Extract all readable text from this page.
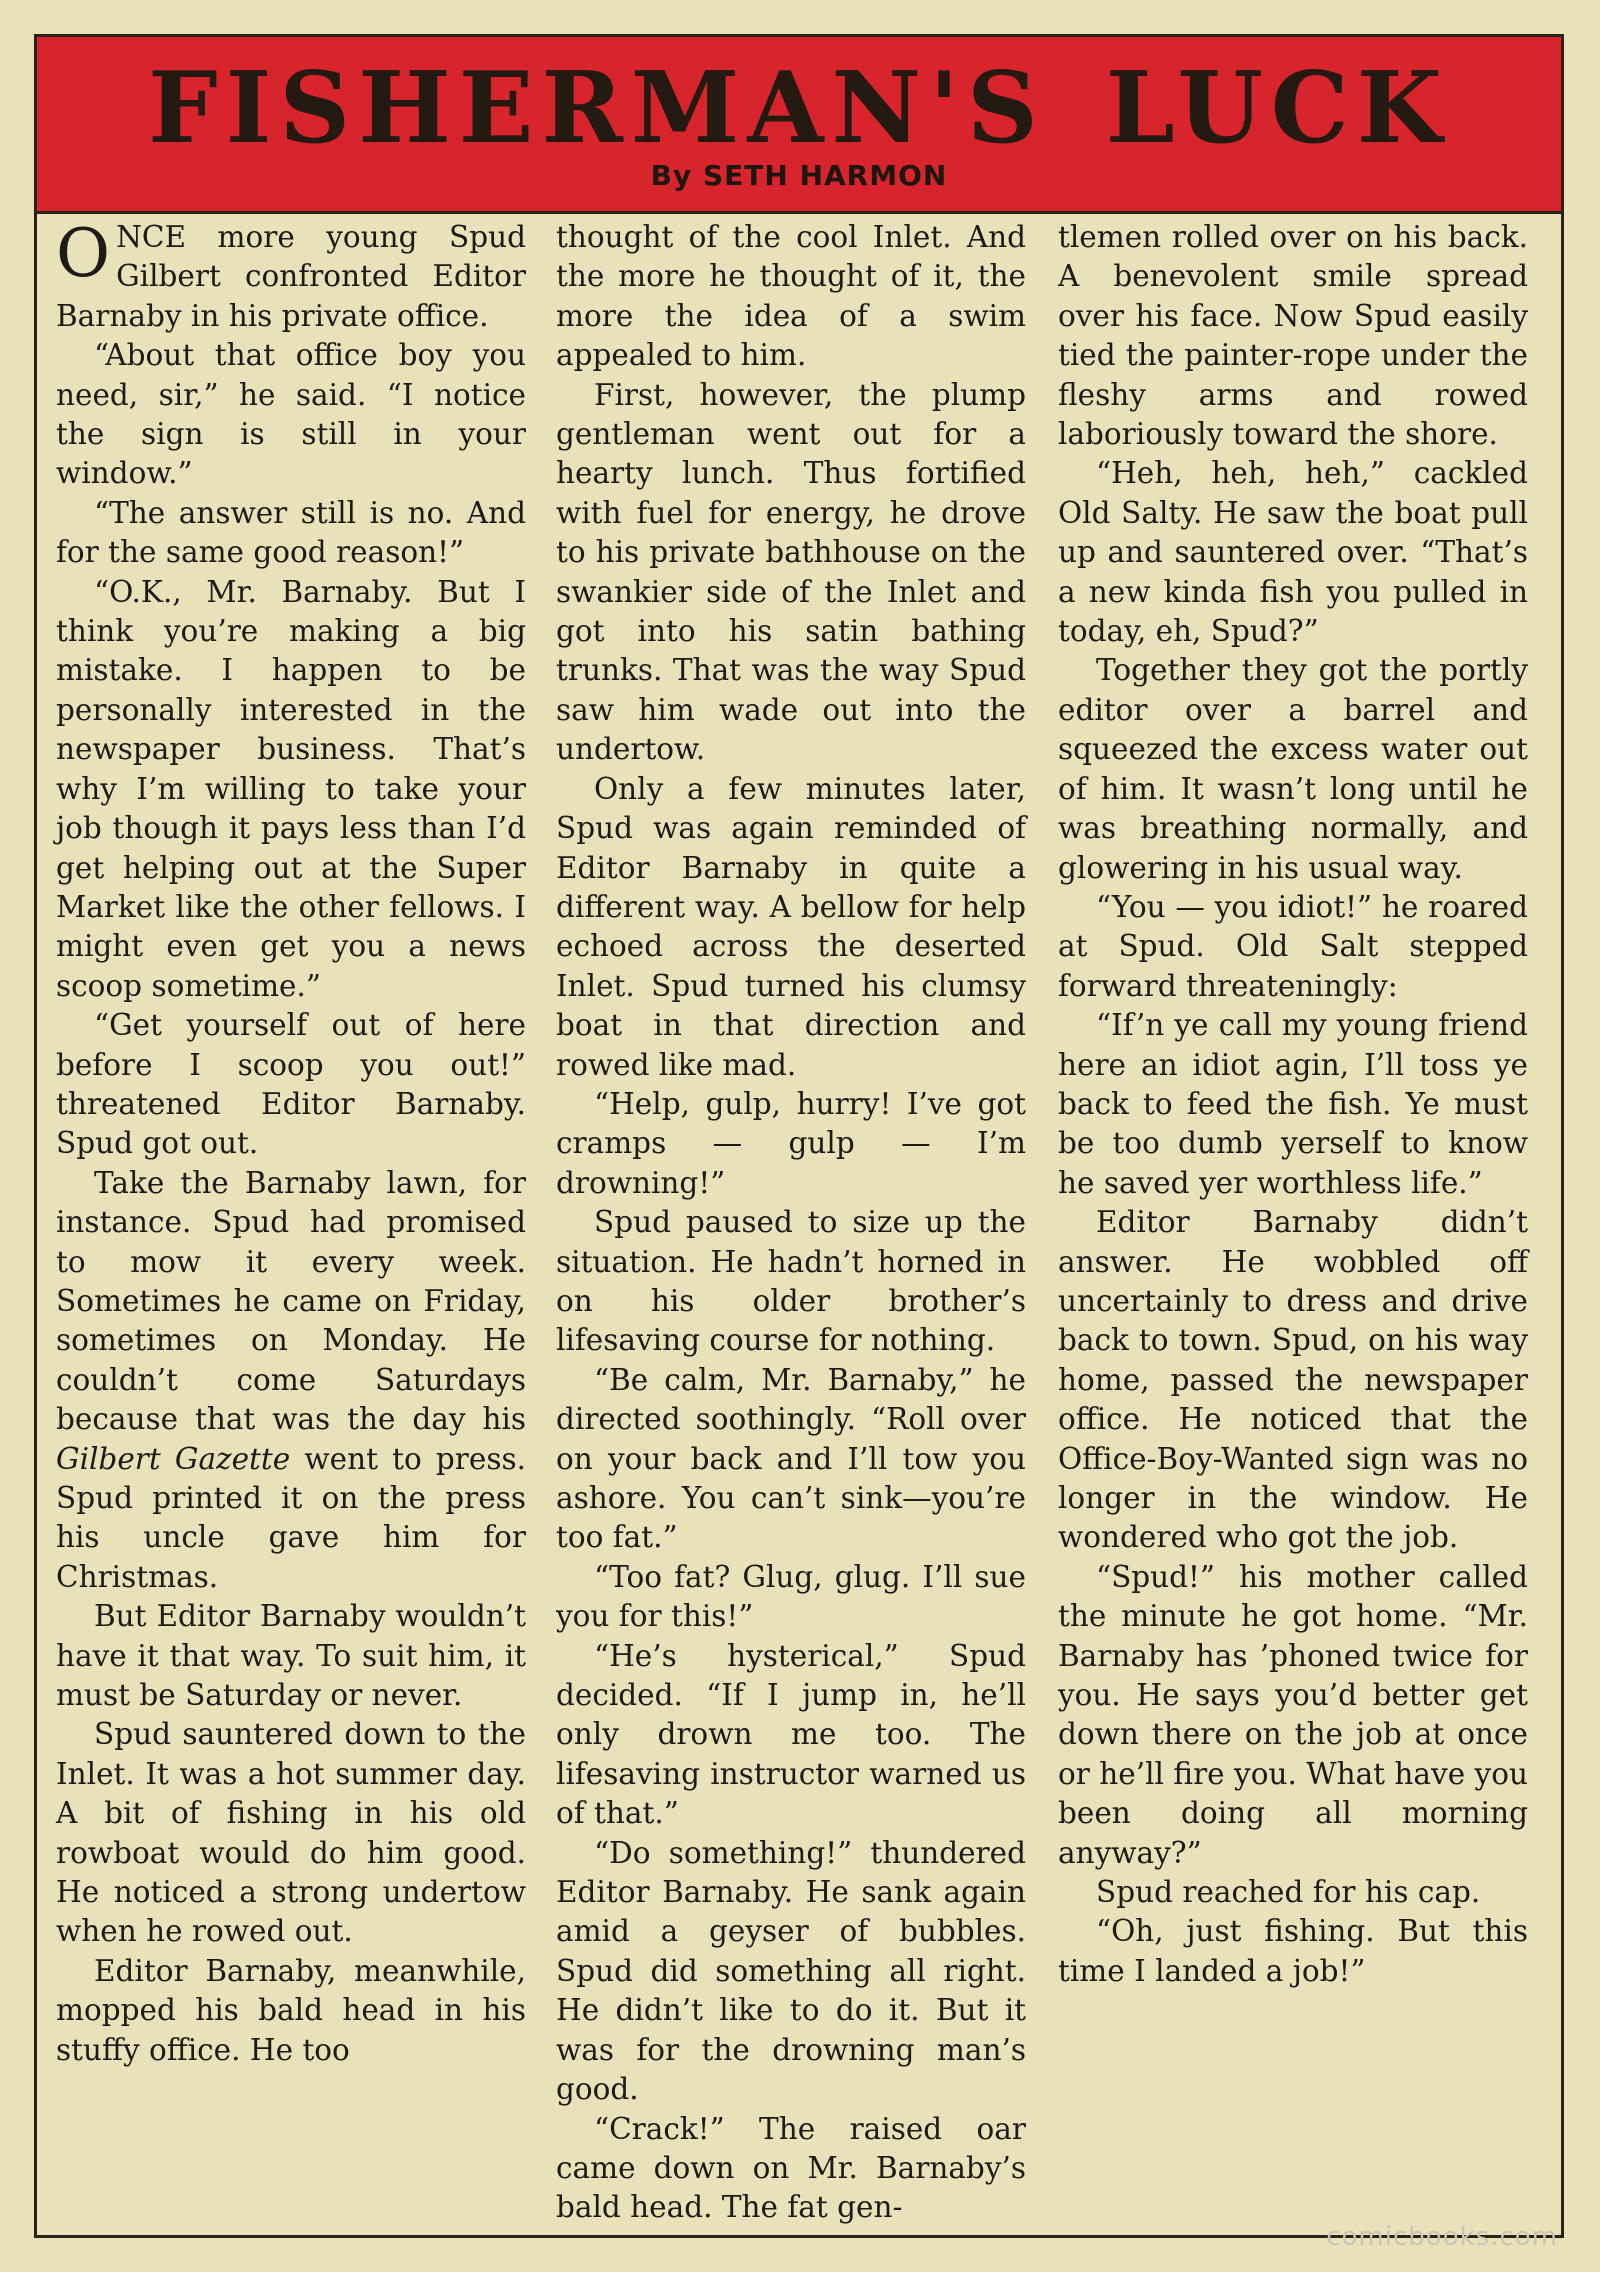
FISHERMAN'S LUCK
By SETH HARMON

ONCE more young Spud Gilbert confronted Editor Barnaby in his private office.

“About that office boy you need, sir,” he said. “I notice the sign is still in your window.”

“The answer still is no. And for the same good reason!”

“O.K., Mr. Barnaby. But I think you’re making a big mistake. I happen to be personally interested in the newspaper business. That’s why I’m willing to take your job though it pays less than I’d get helping out at the Super Market like the other fellows. I might even get you a news scoop sometime.”

“Get yourself out of here before I scoop you out!” threatened Editor Barnaby. Spud got out.

Take the Barnaby lawn, for instance. Spud had promised to mow it every week. Sometimes he came on Friday, sometimes on Monday. He couldn’t come Saturdays because that was the day his Gilbert Gazette went to press. Spud printed it on the press his uncle gave him for Christmas.

But Editor Barnaby wouldn’t have it that way. To suit him, it must be Saturday or never.

Spud sauntered down to the Inlet. It was a hot summer day. A bit of fishing in his old rowboat would do him good. He noticed a strong undertow when he rowed out.

Editor Barnaby, meanwhile, mopped his bald head in his stuffy office. He too

thought of the cool Inlet. And the more he thought of it, the more the idea of a swim appealed to him.

First, however, the plump gentleman went out for a hearty lunch. Thus fortified with fuel for energy, he drove to his private bathhouse on the swankier side of the Inlet and got into his satin bathing trunks. That was the way Spud saw him wade out into the undertow.

Only a few minutes later, Spud was again reminded of Editor Barnaby in quite a different way. A bellow for help echoed across the deserted Inlet. Spud turned his clumsy boat in that direction and rowed like mad.

“Help, gulp, hurry! I’ve got cramps — gulp — I’m drowning!”

Spud paused to size up the situation. He hadn’t horned in on his older brother’s lifesaving course for nothing.

“Be calm, Mr. Barnaby,” he directed soothingly. “Roll over on your back and I’ll tow you ashore. You can’t sink—you’re too fat.”

“Too fat? Glug, glug. I’ll sue you for this!”

“He’s hysterical,” Spud decided. “If I jump in, he’ll only drown me too. The lifesaving instructor warned us of that.”

“Do something!” thundered Editor Barnaby. He sank again amid a geyser of bubbles. Spud did something all right. He didn’t like to do it. But it was for the drowning man’s good.

“Crack!” The raised oar came down on Mr. Barnaby’s bald head. The fat gen-

tlemen rolled over on his back. A benevolent smile spread over his face. Now Spud easily tied the painter-rope under the fleshy arms and rowed laboriously toward the shore.

“Heh, heh, heh,” cackled Old Salty. He saw the boat pull up and sauntered over. “That’s a new kinda fish you pulled in today, eh, Spud?”

Together they got the portly editor over a barrel and squeezed the excess water out of him. It wasn’t long until he was breathing normally, and glowering in his usual way.

“You — you idiot!” he roared at Spud. Old Salt stepped forward threateningly:

“If’n ye call my young friend here an idiot agin, I’ll toss ye back to feed the fish. Ye must be too dumb yerself to know he saved yer worthless life.”

Editor Barnaby didn’t answer. He wobbled off uncertainly to dress and drive back to town. Spud, on his way home, passed the newspaper office. He noticed that the Office-Boy-Wanted sign was no longer in the window. He wondered who got the job.

“Spud!” his mother called the minute he got home. “Mr. Barnaby has ’phoned twice for you. He says you’d better get down there on the job at once or he’ll fire you. What have you been doing all morning anyway?”

Spud reached for his cap.

“Oh, just fishing. But this time I landed a job!”

comicbooks.com
